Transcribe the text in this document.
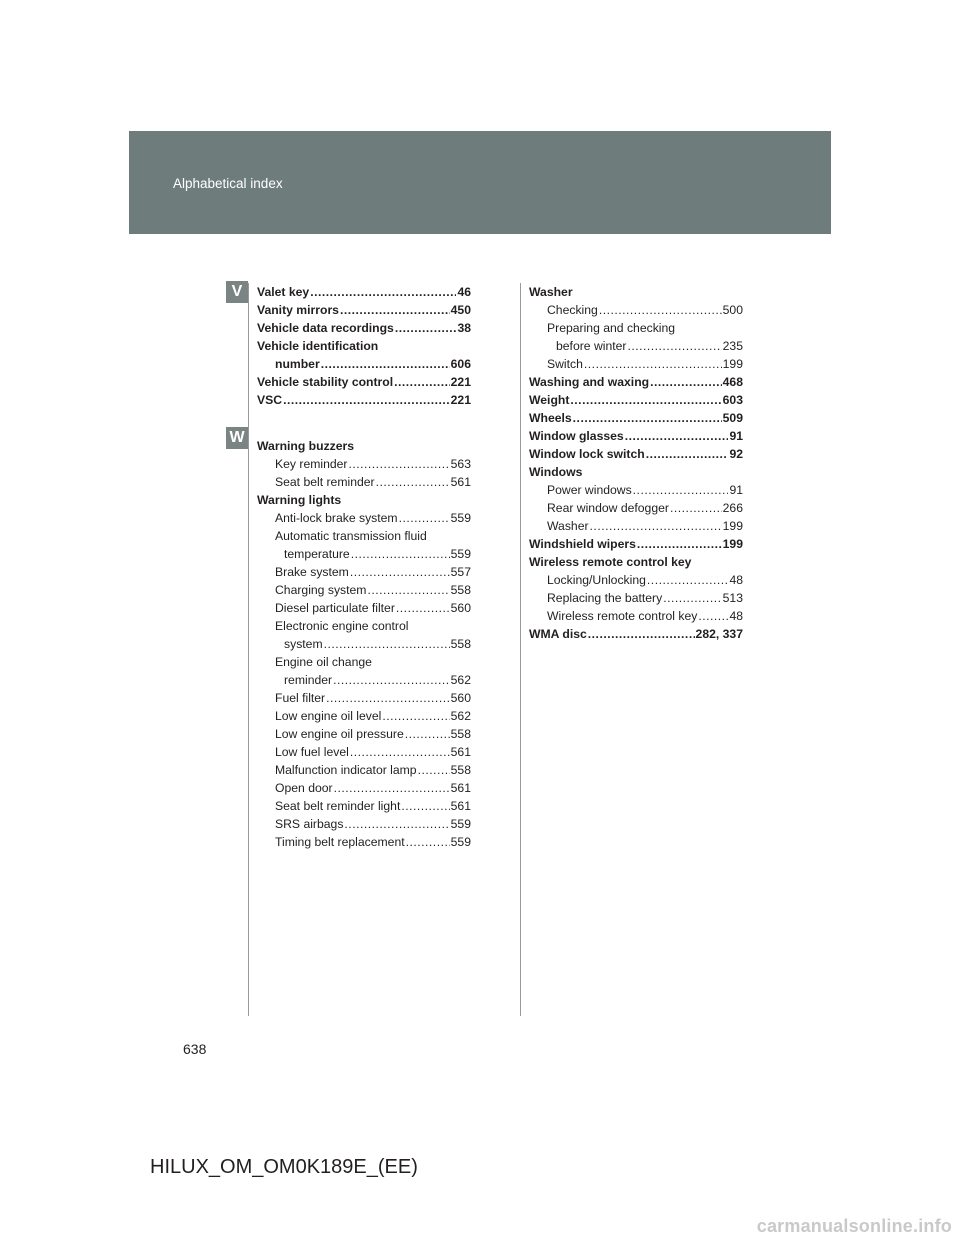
Alphabetical index
V
W
Valet key .....	46
Vanity mirrors .....	450
Vehicle data recordings .....	38
Vehicle identification
number .....	606
Vehicle stability control .....	221
VSC .....	221
Warning buzzers
Key reminder .....	563
Seat belt reminder .....	561
Warning lights
Anti-lock brake system .....	559
Automatic transmission fluid
temperature .....	559
Brake system .....	557
Charging system .....	558
Diesel particulate filter .....	560
Electronic engine control
system .....	558
Engine oil change
reminder .....	562
Fuel filter .....	560
Low engine oil level .....	562
Low engine oil pressure .....	558
Low fuel level .....	561
Malfunction indicator lamp .....	558
Open door .....	561
Seat belt reminder light .....	561
SRS airbags .....	559
Timing belt replacement .....	559
Washer
Checking .....	500
Preparing and checking
before winter .....	235
Switch .....	199
Washing and waxing .....	468
Weight .....	603
Wheels .....	509
Window glasses .....	91
Window lock switch .....	92
Windows
Power windows .....	91
Rear window defogger .....	266
Washer .....	199
Windshield wipers .....	199
Wireless remote control key
Locking/Unlocking .....	48
Replacing the battery .....	513
Wireless remote control key .....	48
WMA disc .....	282, 337
638
HILUX_OM_OM0K189E_(EE)
carmanualsonline.info
